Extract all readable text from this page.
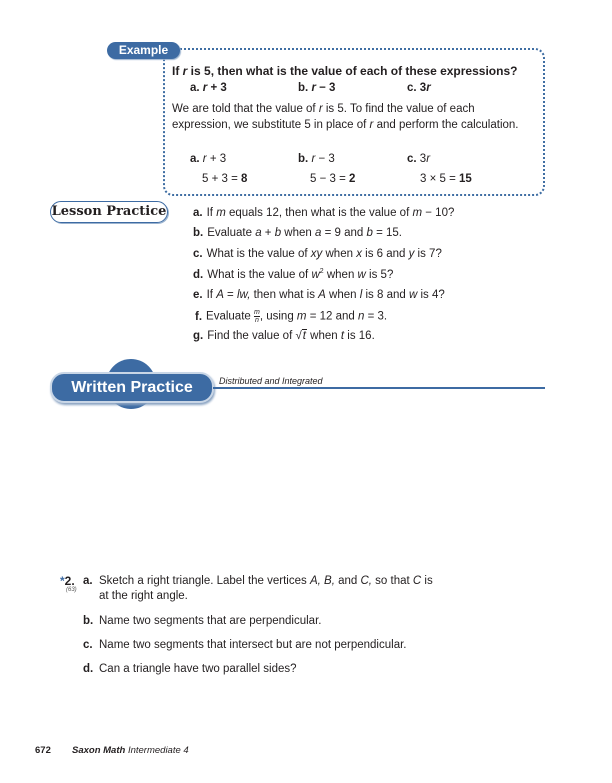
Example
If r is 5, then what is the value of each of these expressions?
a. r + 3	b. r − 3	c. 3r
We are told that the value of r is 5. To find the value of each expression, we substitute 5 in place of r and perform the calculation.
a. r + 3	b. r − 3	c. 3r
5 + 3 = 8	5 − 3 = 2	3 × 5 = 15
Lesson Practice a. If m equals 12, then what is the value of m − 10?
b. Evaluate a + b when a = 9 and b = 15.
c. What is the value of xy when x is 6 and y is 7?
d. What is the value of $w^2$ when w is 5?
e. If A = lw, then what is A when l is 8 and w is 4?
f. Evaluate $\frac{m}{n}$ , using m = 12 and n = 3.
g. Find the value of √t when t is 16.
Written Practice	Distributed and Integrated
*2.
(63)
a. Sketch a right triangle. Label the vertices A, B, and C, so that C is at the right angle.
b. Name two segments that are perpendicular.
c. Name two segments that intersect but are not perpendicular.
d. Can a triangle have two parallel sides?
672 Saxon Math Intermediate 4
